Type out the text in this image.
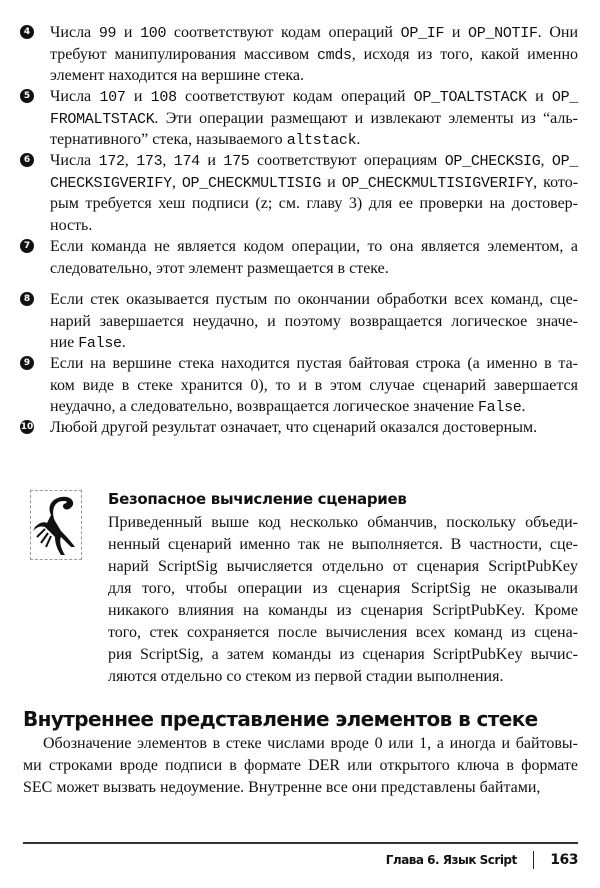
4 Числа 99 и 100 соответствуют кодам операций OP_IF и OP_NOTIF. Они
требуют манипулирования массивом cmds, исходя из того, какой именно
элемент находится на вершине стека.
5 Числа 107 и 108 соответствуют кодам операций OP_TOALTSTACK и OP_
FROMALTSTACK. Эти операции размещают и извлекают элементы из “аль-
тернативного” стека, называемого altstack.
6 Числа 172, 173, 174 и 175 соответствуют операциям OP_CHECKSIG, OP_
CHECKSIGVERIFY, OP_CHECKMULTISIG и OP_CHECKMULTISIGVERIFY, кото-
рым требуется хеш подписи (z; см. главу 3) для ее проверки на достовер-
ность.
7 Если команда не является кодом операции, то она является элементом, а
следовательно, этот элемент размещается в стеке.
8 Если стек оказывается пустым по окончании обработки всех команд, сце-
нарий завершается неудачно, и поэтому возвращается логическое значе-
ние False.
9 Если на вершине стека находится пустая байтовая строка (а именно в та-
ком виде в стеке хранится 0), то и в этом случае сценарий завершается
неудачно, а следовательно, возвращается логическое значение False.
10 Любой другой результат означает, что сценарий оказался достоверным.
Безопасное вычисление сценариев
Приведенный выше код несколько обманчив, поскольку объеди-
ненный сценарий именно так не выполняется. В частности, сце-
нарий ScriptSig вычисляется отдельно от сценария ScriptPubKey
для того, чтобы операции из сценария ScriptSig не оказывали
никакого влияния на команды из сценария ScriptPubKey. Кроме
того, стек сохраняется после вычисления всех команд из сцена-
рия ScriptSig, а затем команды из сценария ScriptPubKey вычис-
ляются отдельно со стеком из первой стадии выполнения.
Внутреннее представление элементов в стеке
Обозначение элементов в стеке числами вроде 0 или 1, а иногда и байтовы-
ми строками вроде подписи в формате DER или открытого ключа в формате
SEC может вызвать недоумение. Внутренне все они представлены байтами,
Глава 6. Язык Script 163
